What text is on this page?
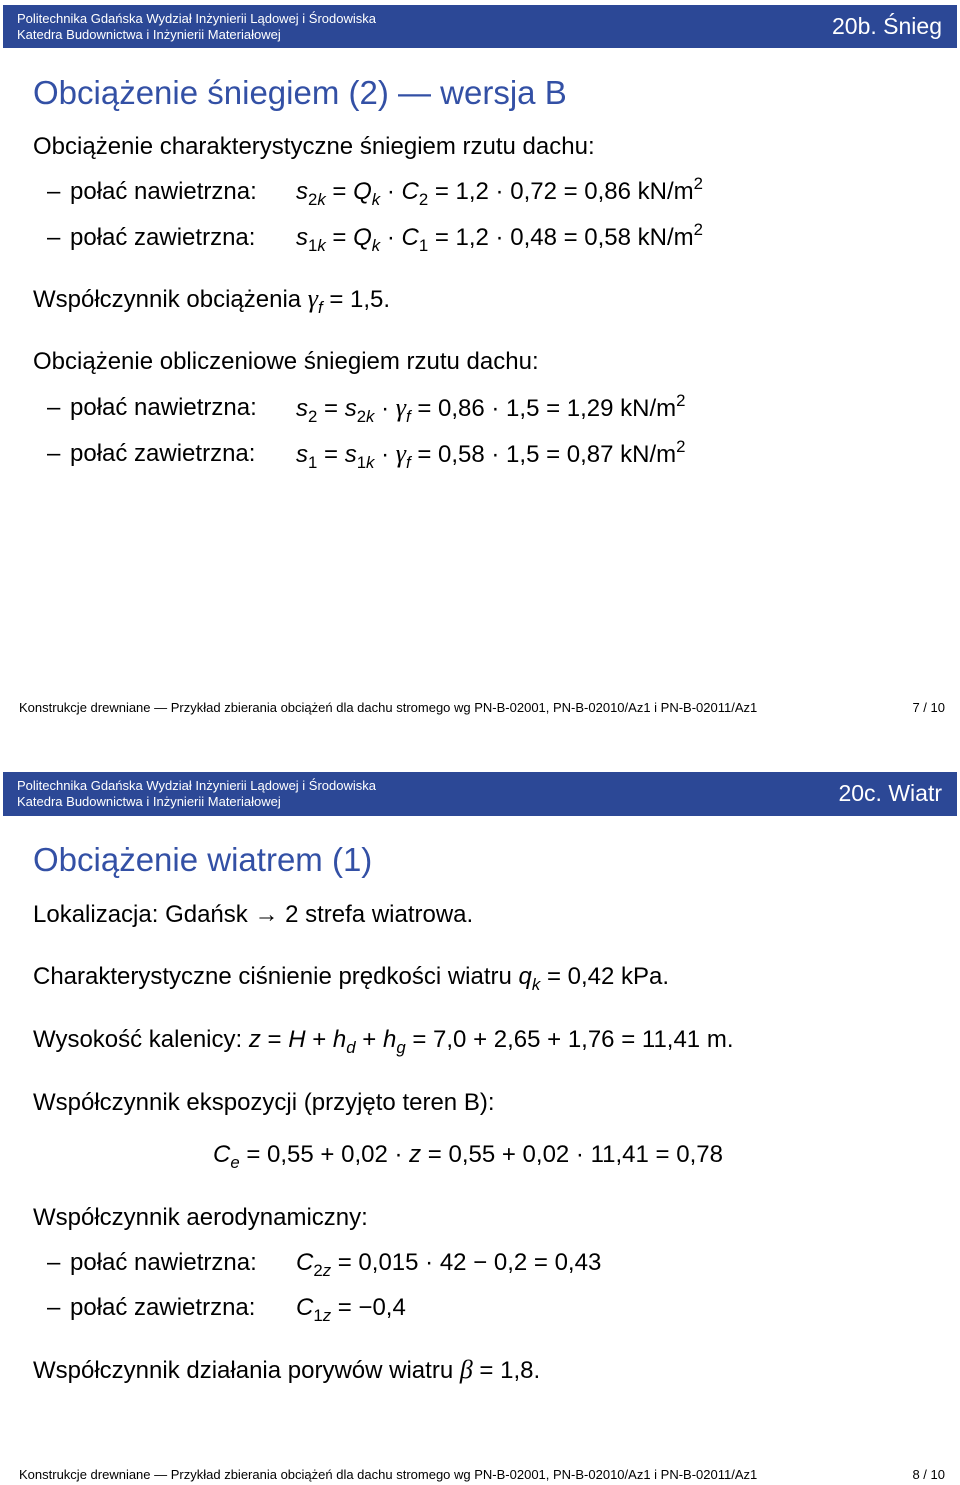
Politechnika Gdańska Wydział Inżynierii Lądowej i Środowiska
Katedra Budownictwa i Inżynierii Materiałowej	20b. Śnieg
Obciążenie śniegiem (2) — wersja B
Obciążenie charakterystyczne śniegiem rzutu dachu:

– połać nawietrzna:

$s_{2k} = Q_k \cdot C_2 = 1,2 \cdot 0,72 = 0,86$ $kN/m^2$

– połać zawietrzna:

$s_{1k} = Q_k \cdot C_1 = 1,2 \cdot 0,48 = 0,58$ $kN/m^2$

Współczynnik obciążenia $\gamma_f = 1,5$.
Obciążenie obliczeniowe śniegiem rzutu dachu:

– połać nawietrzna:

$s_2 = s_{2k} \cdot \gamma_f = 0,86 \cdot 1,5 = 1,29$ $kN/m^2$

– połać zawietrzna:

$s_1 = s_{1k} \cdot \gamma_f = 0,58 \cdot 1,5 = 0,87$ $kN/m^2$

Konstrukcje drewniane — Przykład zbierania obciążeń dla dachu stromego wg PN-B-02001, PN-B-02010/Az1 i PN-B-02011/Az1	7 / 10
Politechnika Gdańska Wydział Inżynierii Lądowej i Środowiska
Katedra Budownictwa i Inżynierii Materiałowej	20c. Wiatr
Obciążenie wiatrem (1)
Lokalizacja: Gdańsk → 2 strefa wiatrowa.
Charakterystyczne ciśnienie prędkości wiatru $q_k = 0,42$ kPa.
Wysokość kalenicy: $z = H + h_d + h_g = 7,0 + 2,65 + 1,76 = 11,41$ m.
Współczynnik ekspozycji (przyjęto teren B):
$C_e = 0,55 + 0,02 \cdot z = 0,55 + 0,02 \cdot 11,41 = 0,78$
Współczynnik aerodynamiczny:

– połać nawietrzna:

$C_{2z} = 0,015 \cdot 42 - 0,2 = 0,43$

– połać zawietrzna:

$C_{1z} = -0,4$

Współczynnik działania porywów wiatru β = 1,8.
Konstrukcje drewniane — Przykład zbierania obciążeń dla dachu stromego wg PN-B-02001, PN-B-02010/Az1 i PN-B-02011/Az1	8 / 10
